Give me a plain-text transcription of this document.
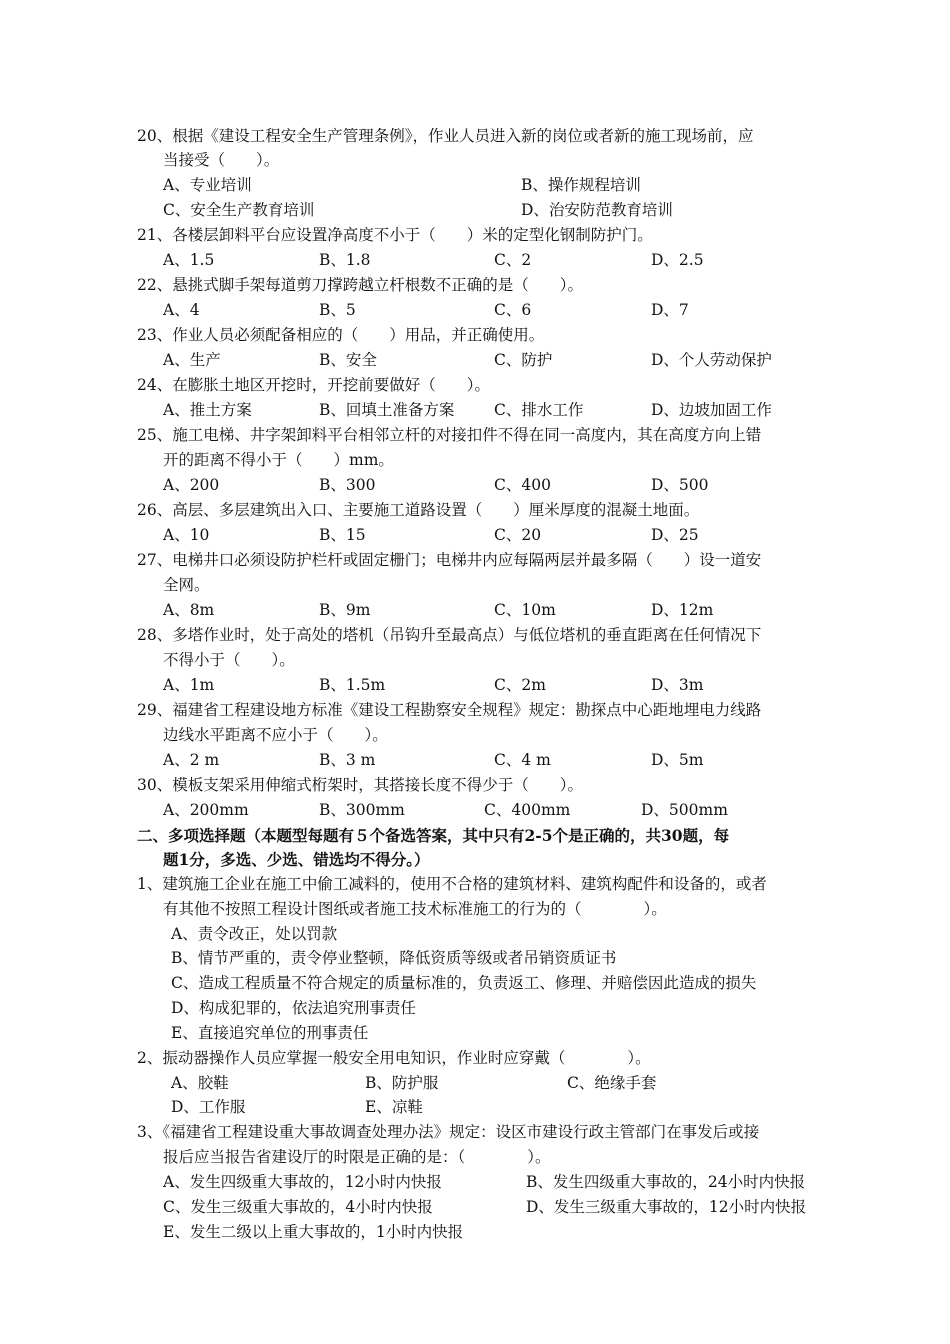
20、根据《建设工程安全生产管理条例》，作业人员进入新的岗位或者新的施工现场前，应
当接受（　　）。
A、专业培训	B、操作规程培训
C、安全生产教育培训	D、治安防范教育培训
21、各楼层卸料平台应设置净高度不小于（　　）米的定型化钢制防护门。
A、1.5	B、1.8	C、2	D、2.5
22、悬挑式脚手架每道剪刀撑跨越立杆根数不正确的是（　　）。
A、4	B、5	C、6	D、7
23、作业人员必须配备相应的（　　）用品，并正确使用。
A、生产	B、安全	C、防护	D、个人劳动保护
24、在膨胀土地区开挖时，开挖前要做好（　　）。
A、推土方案	B、回填土准备方案	C、排水工作	D、边坡加固工作
25、施工电梯、井字架卸料平台相邻立杆的对接扣件不得在同一高度内，其在高度方向上错
开的距离不得小于（　　）mm。
A、200	B、300	C、400	D、500
26、高层、多层建筑出入口、主要施工道路设置（　　）厘米厚度的混凝土地面。
A、10	B、15	C、20	D、25
27、电梯井口必须设防护栏杆或固定栅门；电梯井内应每隔两层并最多隔（　　）设一道安
全网。
A、8m	B、9m	C、10m	D、12m
28、多塔作业时，处于高处的塔机（吊钩升至最高点）与低位塔机的垂直距离在任何情况下
不得小于（　　）。
A、1m	B、1.5m	C、2m	D、3m
29、福建省工程建设地方标准《建设工程勘察安全规程》规定：勘探点中心距地埋电力线路
边线水平距离不应小于（　　）。
A、2 m	B、3 m	C、4 m	D、5m
30、模板支架采用伸缩式桁架时，其搭接长度不得少于（　　）。
A、200mm	B、300mm	C、400mm	D、500mm
二、多项选择题（本题型每题有５个备选答案，其中只有2-5个是正确的，共30题，每
题1分，多选、少选、错选均不得分。）
1、建筑施工企业在施工中偷工减料的，使用不合格的建筑材料、建筑构配件和设备的，或者
有其他不按照工程设计图纸或者施工技术标准施工的行为的（　　　　）。
A、责令改正，处以罚款
B、情节严重的，责令停业整顿，降低资质等级或者吊销资质证书
C、造成工程质量不符合规定的质量标准的，负责返工、修理、并赔偿因此造成的损失
D、构成犯罪的，依法追究刑事责任
E、直接追究单位的刑事责任
2、振动器操作人员应掌握一般安全用电知识，作业时应穿戴（　　　　）。
A、胶鞋	B、防护服	C、绝缘手套
D、工作服	E、凉鞋
3、《福建省工程建设重大事故调查处理办法》规定：设区市建设行政主管部门在事发后或接
报后应当报告省建设厅的时限是正确的是：（　　　　）。
A、发生四级重大事故的，12小时内快报	B、发生四级重大事故的，24小时内快报
C、发生三级重大事故的，4小时内快报	D、发生三级重大事故的，12小时内快报
E、发生二级以上重大事故的，1小时内快报
